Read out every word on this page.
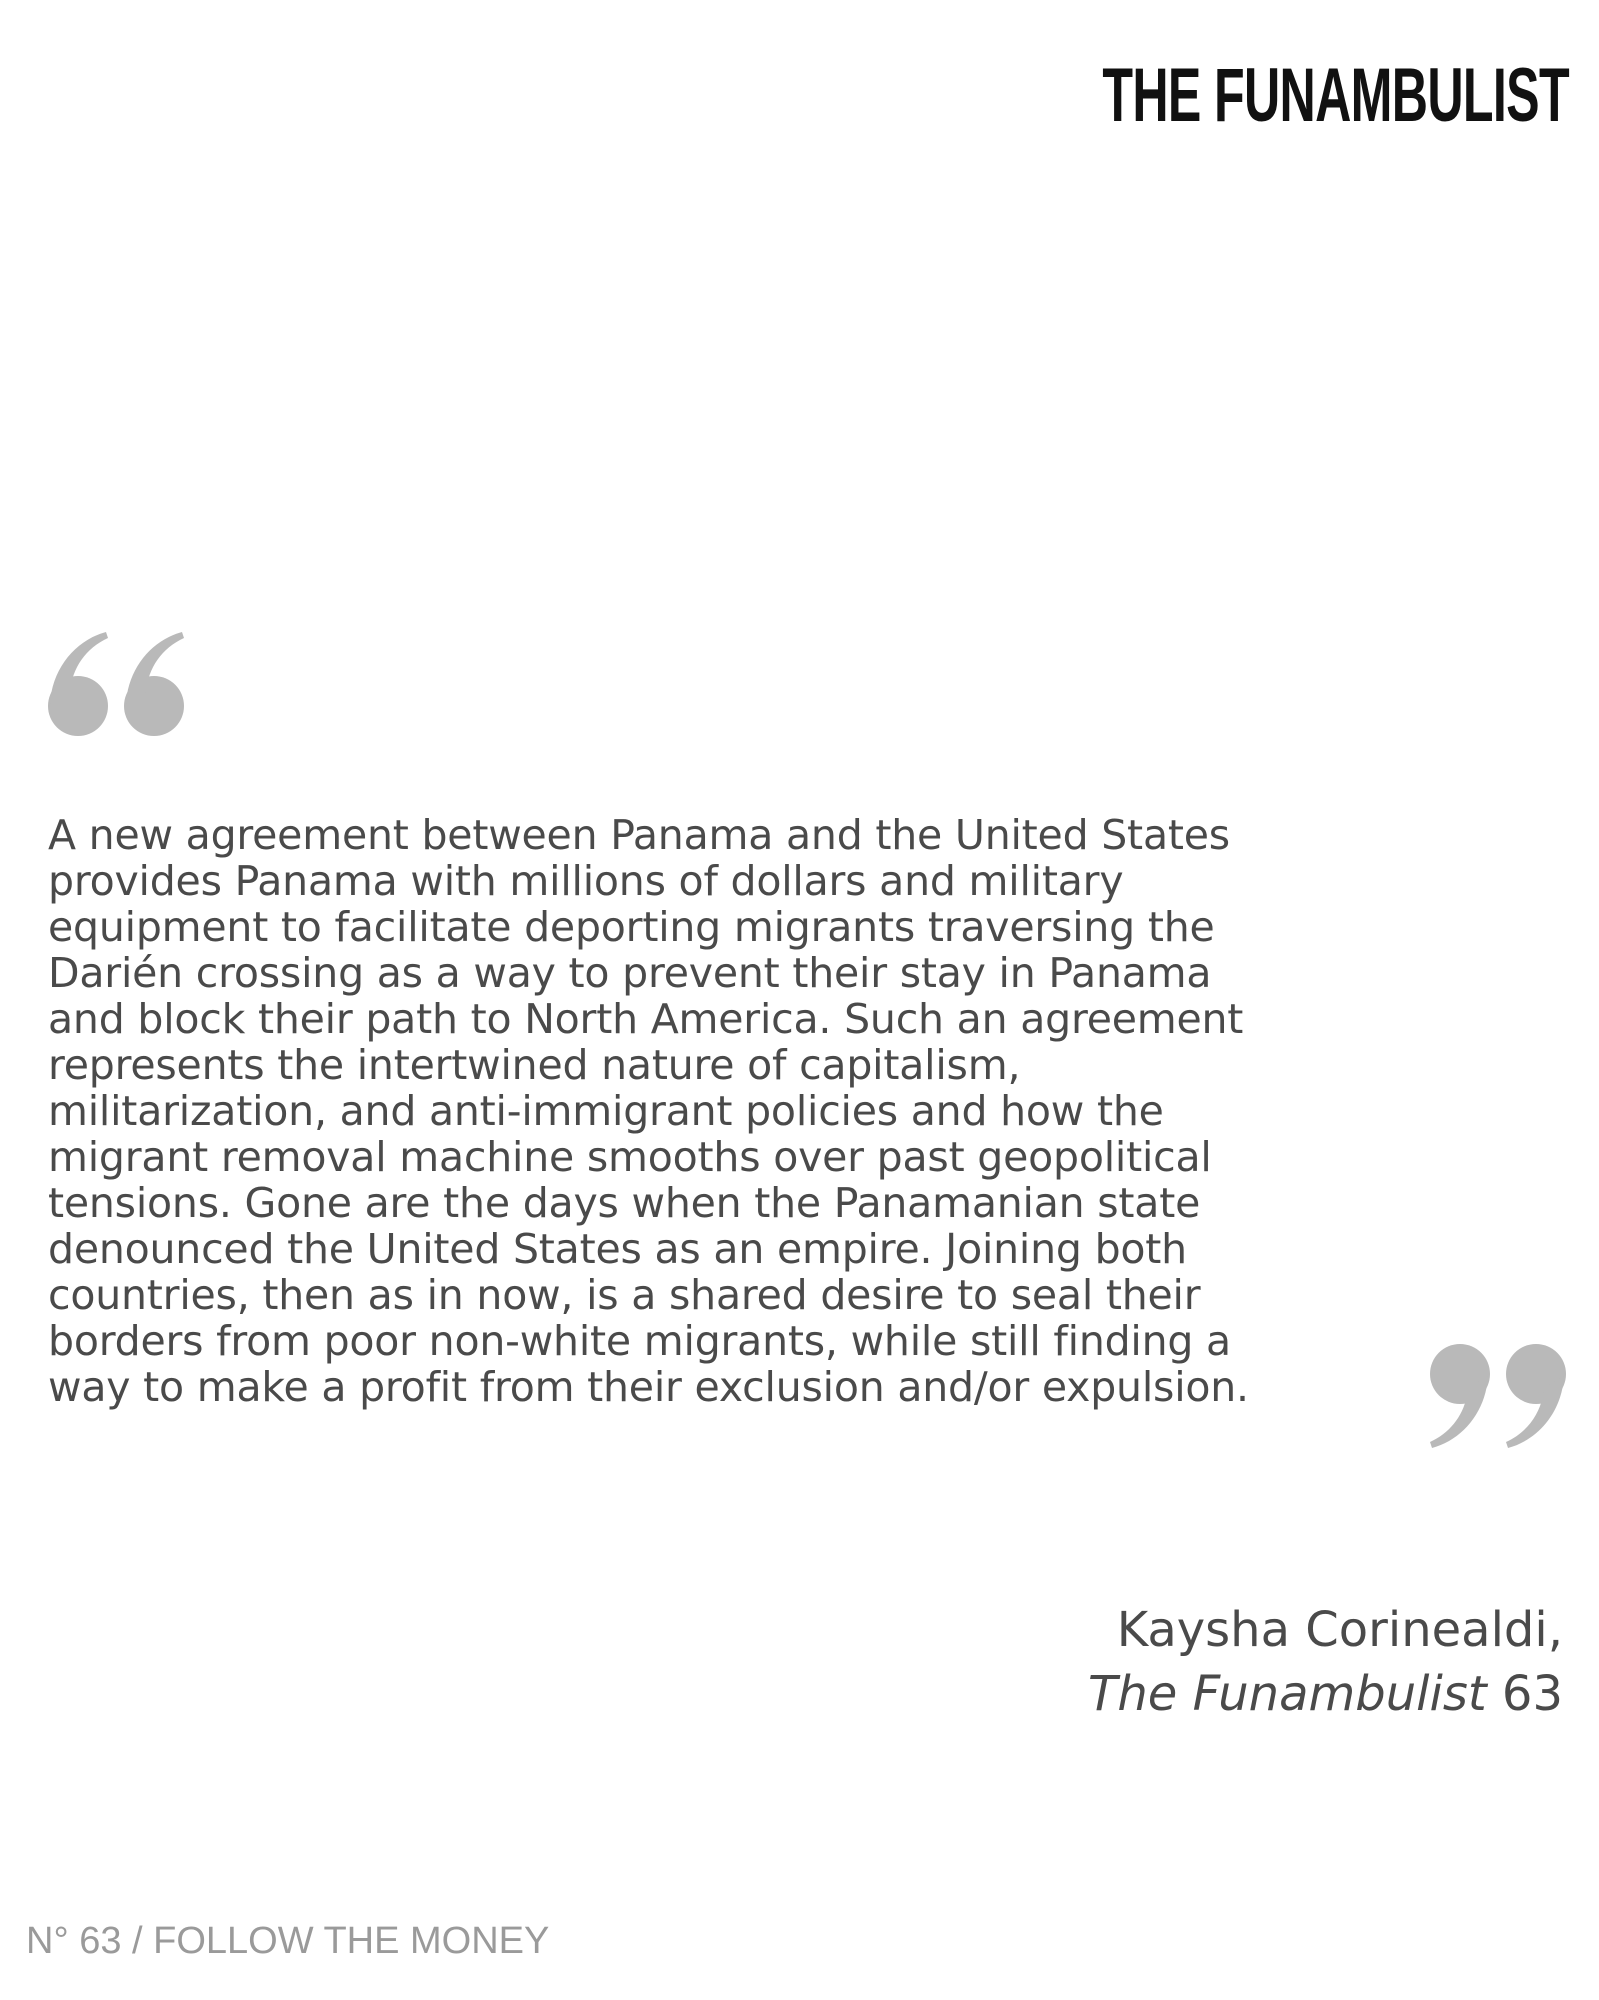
THE FUNAMBULIST

A new agreement between Panama and the United States
provides Panama with millions of dollars and military
equipment to facilitate deporting migrants traversing the
Darién crossing as a way to prevent their stay in Panama
and block their path to North America. Such an agreement
represents the intertwined nature of capitalism,
militarization, and anti-immigrant policies and how the
migrant removal machine smooths over past geopolitical
tensions. Gone are the days when the Panamanian state
denounced the United States as an empire. Joining both
countries, then as in now, is a shared desire to seal their
borders from poor non-white migrants, while still finding a
way to make a profit from their exclusion and/or expulsion.

Kaysha Corinealdi,
The Funambulist 63
N° 63 / FOLLOW THE MONEY
